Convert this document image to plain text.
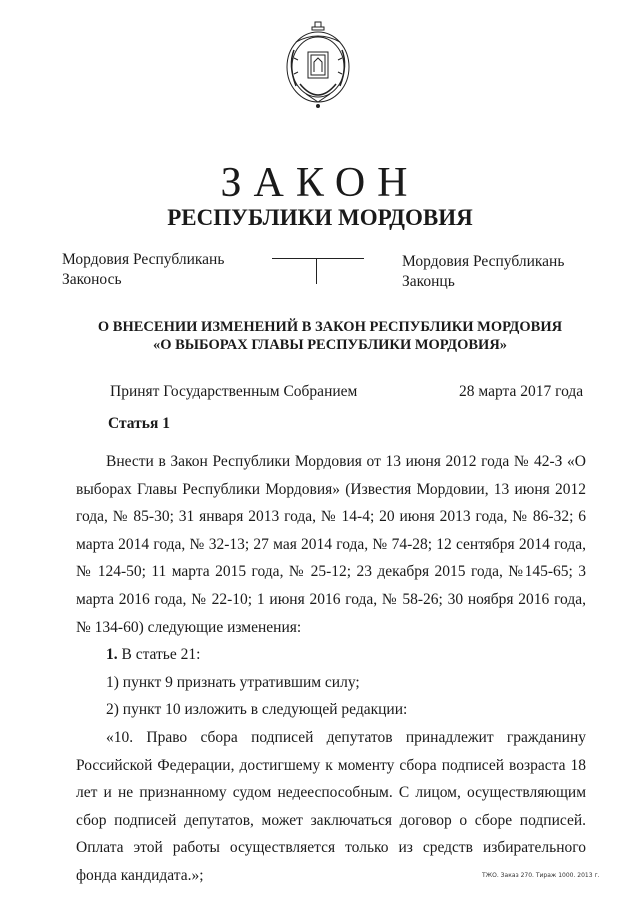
ЗАКОН
РЕСПУБЛИКИ МОРДОВИЯ
Мордовия Республикань
Законось
Мордовия Республикань
Законць
О ВНЕСЕНИИ ИЗМЕНЕНИЙ В ЗАКОН РЕСПУБЛИКИ МОРДОВИЯ
«О ВЫБОРАХ ГЛАВЫ РЕСПУБЛИКИ МОРДОВИЯ»
Принят Государственным Собранием	28 марта 2017 года
Статья 1

Внести в Закон Республики Мордовия от 13 июня 2012 года № 42-З «О выборах Главы Республики Мордовия» (Известия Мордовии, 13 июня 2012 года, № 85-30; 31 января 2013 года, № 14-4; 20 июня 2013 года, № 86-32; 6 марта 2014 года, № 32-13; 27 мая 2014 года, № 74-28; 12 сентября 2014 года, № 124-50; 11 марта 2015 года, № 25-12; 23 декабря 2015 года, №145-65; 3 марта 2016 года, № 22-10; 1 июня 2016 года, № 58-26; 30 ноября 2016 года, № 134-60) следующие изменения:

1. В статье 21:

1) пункт 9 признать утратившим силу;

2) пункт 10 изложить в следующей редакции:

«10. Право сбора подписей депутатов принадлежит гражданину Российской Федерации, достигшему к моменту сбора подписей возраста 18 лет и не признанному судом недееспособным. С лицом, осуществляющим сбор подписей депутатов, может заключаться договор о сборе подписей. Оплата этой работы осуществляется только из средств избирательного фонда кандидата.»;	ТЖО. Заказ 270. Тираж 1000. 2013 г.
